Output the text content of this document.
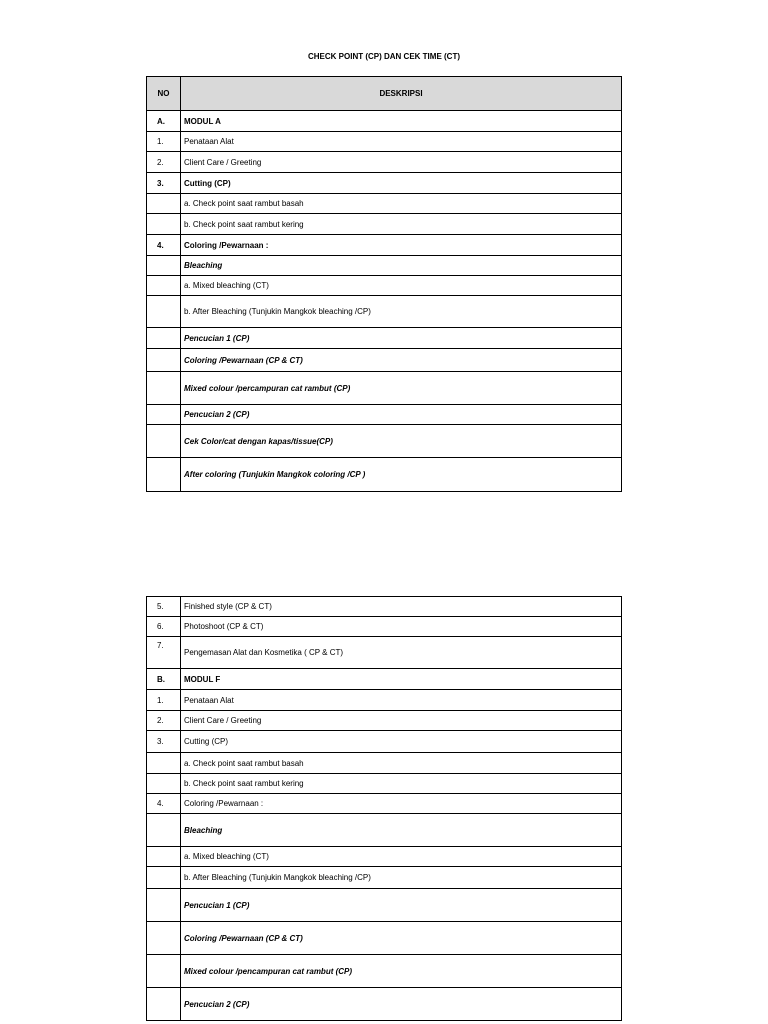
CHECK POINT (CP) DAN CEK TIME (CT)
NO	DESKRIPSI
A.	MODUL A
1.	Penataan Alat
2.	Client Care / Greeting
3.	Cutting (CP)
	a. Check point saat rambut basah
	b. Check point saat rambut kering
4.	Coloring /Pewarnaan :
	Bleaching
	a. Mixed bleaching (CT)
	b. After Bleaching (Tunjukin Mangkok bleaching /CP)
	Pencucian 1 (CP)
	Coloring /Pewarnaan (CP & CT)
	Mixed colour /percampuran cat rambut (CP)
	Pencucian 2 (CP)
	Cek Color/cat dengan kapas/tissue(CP)
	After coloring (Tunjukin Mangkok coloring /CP )
5.	Finished style (CP & CT)
6.	Photoshoot (CP & CT)
7.	Pengemasan Alat dan Kosmetika ( CP & CT)
B.	MODUL F
1.	Penataan Alat
2.	Client Care / Greeting
3.	Cutting (CP)
	a. Check point saat rambut basah
	b. Check point saat rambut kering
4.	Coloring /Pewarnaan :
	Bleaching
	a. Mixed bleaching (CT)
	b. After Bleaching (Tunjukin Mangkok bleaching /CP)
	Pencucian 1 (CP)
	Coloring /Pewarnaan (CP & CT)
	Mixed colour /pencampuran cat rambut (CP)
	Pencucian 2 (CP)
